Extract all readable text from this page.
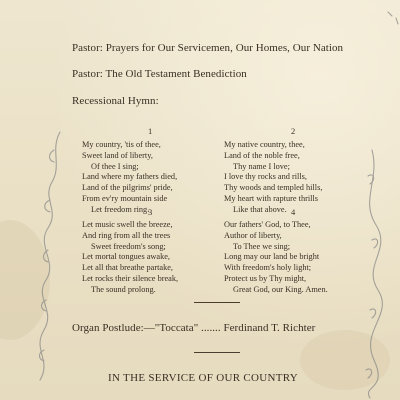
Pastor: Prayers for Our Servicemen, Our Homes, Our Nation
Pastor: The Old Testament Benediction
Recessional Hymn:
1	2
3	4
My country, 'tis of thee,
Sweet land of liberty,
Of thee I sing;
Land where my fathers died,
Land of the pilgrims' pride,
From ev'ry mountain side
Let freedom ring.
My native country, thee,
Land of the noble free,
Thy name I love;
I love thy rocks and rills,
Thy woods and templed hills,
My heart with rapture thrills
Like that above.
Let music swell the breeze,
And ring from all the trees
Sweet freedom's song;
Let mortal tongues awake,
Let all that breathe partake,
Let rocks their silence break,
The sound prolong.
Our fathers' God, to Thee,
Author of liberty,
To Thee we sing;
Long may our land be bright
With freedom's holy light;
Protect us by Thy might,
Great God, our King. Amen.
Organ Postlude:—"Toccata" ....... Ferdinand T. Richter
IN THE SERVICE OF OUR COUNTRY
